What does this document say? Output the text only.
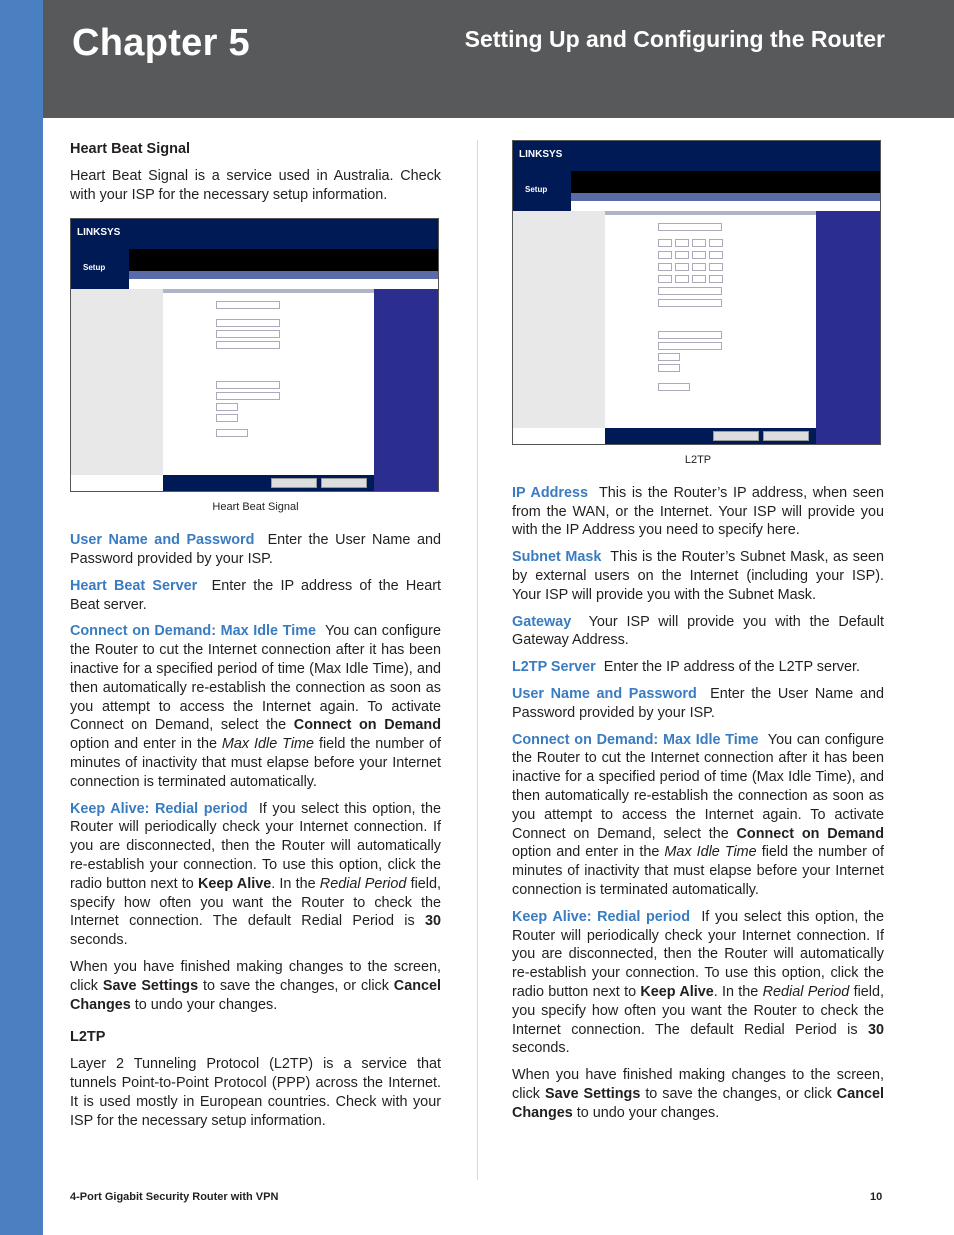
Chapter 5	Setting Up and Configuring the Router
Heart Beat Signal

Heart Beat Signal is a service used in Australia. Check with your ISP for the necessary setup information.

LINKSYS
Setup
Heart Beat Signal

User Name and Password Enter the User Name and Password provided by your ISP.

Heart Beat Server Enter the IP address of the Heart Beat server.

Connect on Demand: Max Idle Time You can configure the Router to cut the Internet connection after it has been inactive for a specified period of time (Max Idle Time), and then automatically re-establish the connection as soon as you attempt to access the Internet again. To activate Connect on Demand, select the Connect on Demand option and enter in the Max Idle Time field the number of minutes of inactivity that must elapse before your Internet connection is terminated automatically.

Keep Alive: Redial period If you select this option, the Router will periodically check your Internet connection. If you are disconnected, then the Router will automatically re-establish your connection. To use this option, click the radio button next to Keep Alive. In the Redial Period field, specify how often you want the Router to check the Internet connection. The default Redial Period is 30 seconds.

When you have finished making changes to the screen, click Save Settings to save the changes, or click Cancel Changes to undo your changes.

L2TP

Layer 2 Tunneling Protocol (L2TP) is a service that tunnels Point-to-Point Protocol (PPP) across the Internet. It is used mostly in European countries. Check with your ISP for the necessary setup information.

LINKSYS
Setup
L2TP

IP Address This is the Router’s IP address, when seen from the WAN, or the Internet. Your ISP will provide you with the IP Address you need to specify here.

Subnet Mask This is the Router’s Subnet Mask, as seen by external users on the Internet (including your ISP). Your ISP will provide you with the Subnet Mask.

Gateway Your ISP will provide you with the Default Gateway Address.

L2TP Server Enter the IP address of the L2TP server.

User Name and Password Enter the User Name and Password provided by your ISP.

Connect on Demand: Max Idle Time You can configure the Router to cut the Internet connection after it has been inactive for a specified period of time (Max Idle Time), and then automatically re-establish the connection as soon as you attempt to access the Internet again. To activate Connect on Demand, select the Connect on Demand option and enter in the Max Idle Time field the number of minutes of inactivity that must elapse before your Internet connection is terminated automatically.

Keep Alive: Redial period If you select this option, the Router will periodically check your Internet connection. If you are disconnected, then the Router will automatically re-establish your connection. To use this option, click the radio button next to Keep Alive. In the Redial Period field, you specify how often you want the Router to check the Internet connection. The default Redial Period is 30 seconds.

When you have finished making changes to the screen, click Save Settings to save the changes, or click Cancel Changes to undo your changes.

4-Port Gigabit Security Router with VPN	10
